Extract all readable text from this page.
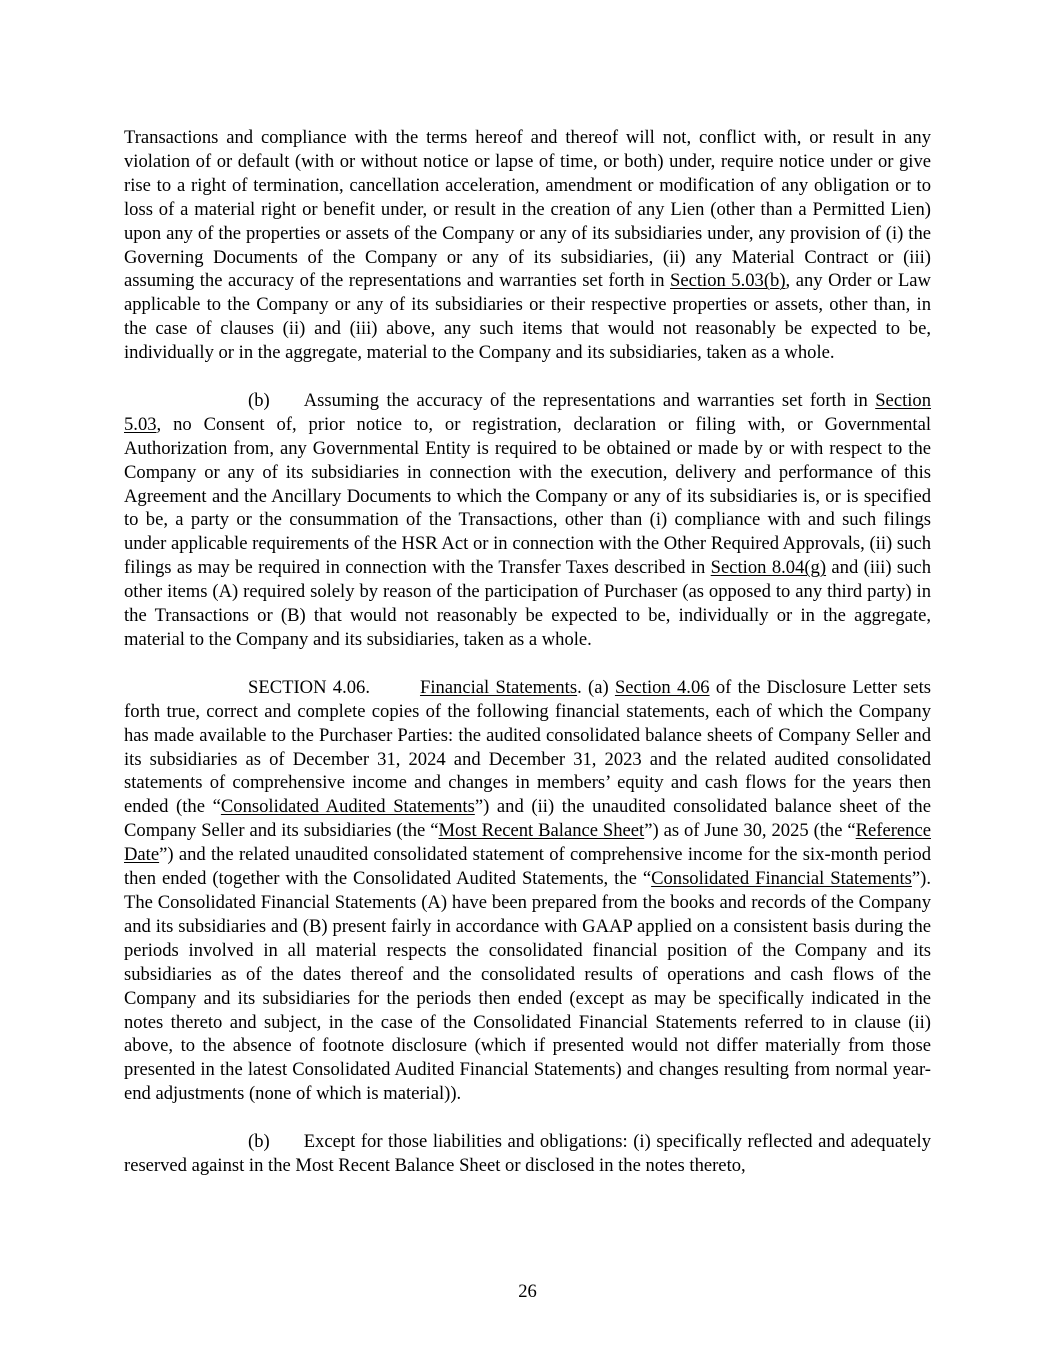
Transactions and compliance with the terms hereof and thereof will not, conflict with, or result in any violation of or default (with or without notice or lapse of time, or both) under, require notice under or give rise to a right of termination, cancellation acceleration, amendment or modification of any obligation or to loss of a material right or benefit under, or result in the creation of any Lien (other than a Permitted Lien) upon any of the properties or assets of the Company or any of its subsidiaries under, any provision of (i) the Governing Documents of the Company or any of its subsidiaries, (ii) any Material Contract or (iii) assuming the accuracy of the representations and warranties set forth in Section 5.03(b), any Order or Law applicable to the Company or any of its subsidiaries or their respective properties or assets, other than, in the case of clauses (ii) and (iii) above, any such items that would not reasonably be expected to be, individually or in the aggregate, material to the Company and its subsidiaries, taken as a whole.

(b) Assuming the accuracy of the representations and warranties set forth in Section 5.03, no Consent of, prior notice to, or registration, declaration or filing with, or Governmental Authorization from, any Governmental Entity is required to be obtained or made by or with respect to the Company or any of its subsidiaries in connection with the execution, delivery and performance of this Agreement and the Ancillary Documents to which the Company or any of its subsidiaries is, or is specified to be, a party or the consummation of the Transactions, other than (i) compliance with and such filings under applicable requirements of the HSR Act or in connection with the Other Required Approvals, (ii) such filings as may be required in connection with the Transfer Taxes described in Section 8.04(g) and (iii) such other items (A) required solely by reason of the participation of Purchaser (as opposed to any third party) in the Transactions or (B) that would not reasonably be expected to be, individually or in the aggregate, material to the Company and its subsidiaries, taken as a whole.

SECTION 4.06.	Financial Statements. (a) Section 4.06 of the Disclosure Letter sets forth true, correct and complete copies of the following financial statements, each of which the Company has made available to the Purchaser Parties: the audited consolidated balance sheets of Company Seller and its subsidiaries as of December 31, 2024 and December 31, 2023 and the related audited consolidated statements of comprehensive income and changes in members’ equity and cash flows for the years then ended (the “Consolidated Audited Statements”) and (ii) the unaudited consolidated balance sheet of the Company Seller and its subsidiaries (the “Most Recent Balance Sheet”) as of June 30, 2025 (the “Reference Date”) and the related unaudited consolidated statement of comprehensive income for the six-month period then ended (together with the Consolidated Audited Statements, the “Consolidated Financial Statements”). The Consolidated Financial Statements (A) have been prepared from the books and records of the Company and its subsidiaries and (B) present fairly in accordance with GAAP applied on a consistent basis during the periods involved in all material respects the consolidated financial position of the Company and its subsidiaries as of the dates thereof and the consolidated results of operations and cash flows of the Company and its subsidiaries for the periods then ended (except as may be specifically indicated in the notes thereto and subject, in the case of the Consolidated Financial Statements referred to in clause (ii) above, to the absence of footnote disclosure (which if presented would not differ materially from those presented in the latest Consolidated Audited Financial Statements) and changes resulting from normal year-end adjustments (none of which is material)).

(b) Except for those liabilities and obligations: (i) specifically reflected and adequately reserved against in the Most Recent Balance Sheet or disclosed in the notes thereto,

26
